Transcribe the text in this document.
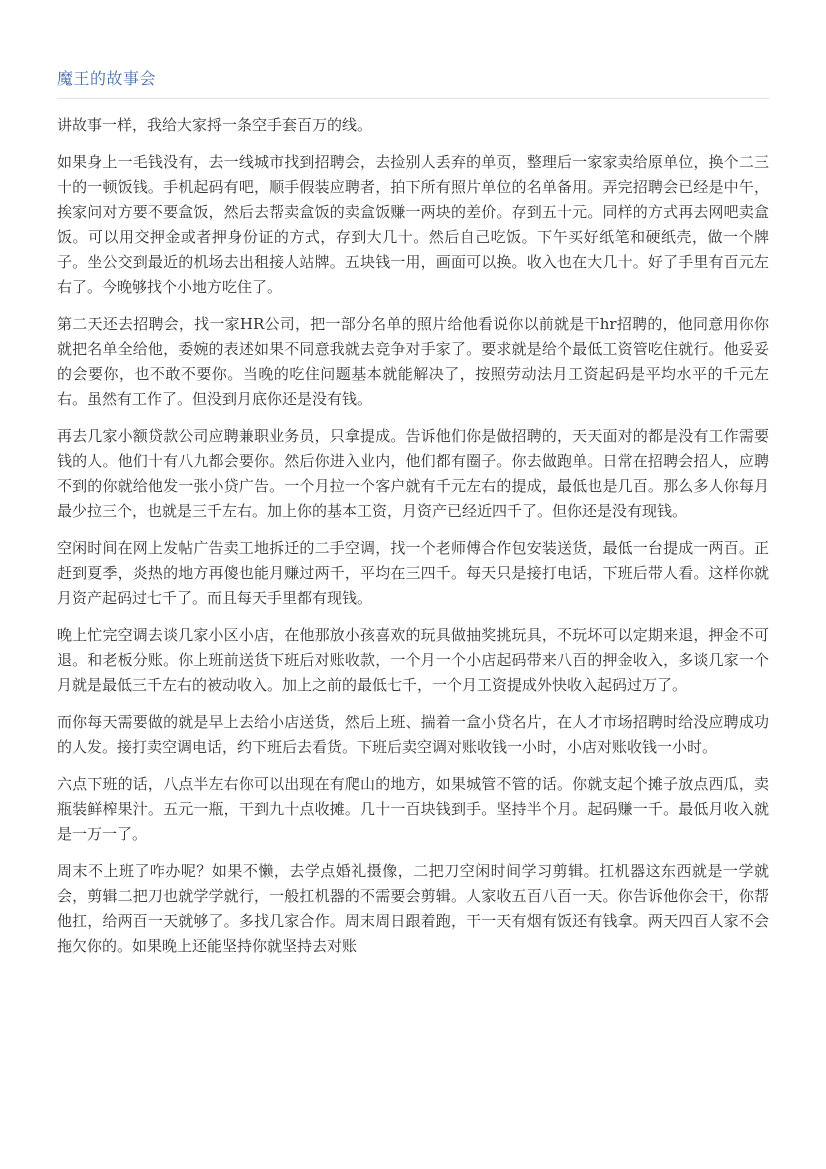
魔王的故事会

讲故事一样，我给大家捋一条空手套百万的线。

如果身上一毛钱没有，去一线城市找到招聘会，去捡别人丢弃的单页，整理后一家家卖给原单位，换个二三十的一顿饭钱。手机起码有吧，顺手假装应聘者，拍下所有照片单位的名单备用。弄完招聘会已经是中午，挨家问对方要不要盒饭，然后去帮卖盒饭的卖盒饭赚一两块的差价。存到五十元。同样的方式再去网吧卖盒饭。可以用交押金或者押身份证的方式，存到大几十。然后自己吃饭。下午买好纸笔和硬纸壳，做一个牌子。坐公交到最近的机场去出租接人站牌。五块钱一用，画面可以换。收入也在大几十。好了手里有百元左右了。今晚够找个小地方吃住了。

第二天还去招聘会，找一家HR公司，把一部分名单的照片给他看说你以前就是干hr招聘的，他同意用你你就把名单全给他，委婉的表述如果不同意我就去竞争对手家了。要求就是给个最低工资管吃住就行。他妥妥的会要你，也不敢不要你。当晚的吃住问题基本就能解决了，按照劳动法月工资起码是平均水平的千元左右。虽然有工作了。但没到月底你还是没有钱。

再去几家小额贷款公司应聘兼职业务员，只拿提成。告诉他们你是做招聘的，天天面对的都是没有工作需要钱的人。他们十有八九都会要你。然后你进入业内，他们都有圈子。你去做跑单。日常在招聘会招人，应聘不到的你就给他发一张小贷广告。一个月拉一个客户就有千元左右的提成，最低也是几百。那么多人你每月最少拉三个，也就是三千左右。加上你的基本工资，月资产已经近四千了。但你还是没有现钱。

空闲时间在网上发帖广告卖工地拆迁的二手空调，找一个老师傅合作包安装送货，最低一台提成一两百。正赶到夏季，炎热的地方再傻也能月赚过两千，平均在三四千。每天只是接打电话，下班后带人看。这样你就月资产起码过七千了。而且每天手里都有现钱。

晚上忙完空调去谈几家小区小店，在他那放小孩喜欢的玩具做抽奖挑玩具，不玩坏可以定期来退，押金不可退。和老板分账。你上班前送货下班后对账收款，一个月一个小店起码带来八百的押金收入，多谈几家一个月就是最低三千左右的被动收入。加上之前的最低七千，一个月工资提成外快收入起码过万了。

而你每天需要做的就是早上去给小店送货，然后上班、揣着一盒小贷名片，在人才市场招聘时给没应聘成功的人发。接打卖空调电话，约下班后去看货。下班后卖空调对账收钱一小时，小店对账收钱一小时。

六点下班的话，八点半左右你可以出现在有爬山的地方，如果城管不管的话。你就支起个摊子放点西瓜，卖瓶装鲜榨果汁。五元一瓶，干到九十点收摊。几十一百块钱到手。坚持半个月。起码赚一千。最低月收入就是一万一了。

周末不上班了咋办呢？如果不懒，去学点婚礼摄像，二把刀空闲时间学习剪辑。扛机器这东西就是一学就会，剪辑二把刀也就学学就行，一般扛机器的不需要会剪辑。人家收五百八百一天。你告诉他你会干，你帮他扛，给两百一天就够了。多找几家合作。周末周日跟着跑，干一天有烟有饭还有钱拿。两天四百人家不会拖欠你的。如果晚上还能坚持你就坚持去对账
